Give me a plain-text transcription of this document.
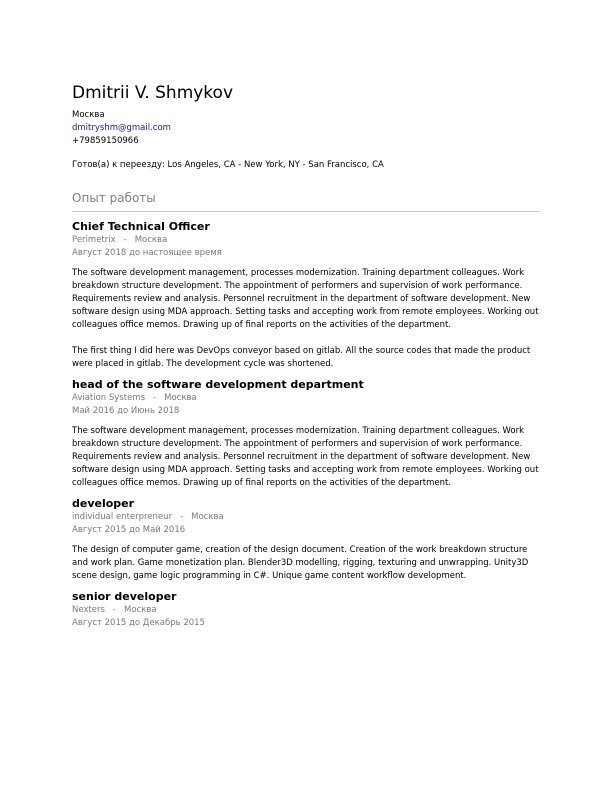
Dmitrii V. Shmykov
Москва
dmitryshm@gmail.com
+79859150966
Готов(а) к переезду: Los Angeles, CA - New York, NY - San Francisco, CA
Опыт работы
Chief Technical Officer
Perimetrix - Москва
Август 2018 до настоящее время

The software development management, processes modernization. Training department colleagues. Work breakdown structure development. The appointment of performers and supervision of work performance. Requirements review and analysis. Personnel recruitment in the department of software development. New software design using MDA approach. Setting tasks and accepting work from remote employees. Working out colleagues office memos. Drawing up of final reports on the activities of the department.

The first thing I did here was DevOps conveyor based on gitlab. All the source codes that made the product were placed in gitlab. The development cycle was shortened.

head of the software development department
Aviation Systems - Москва
Май 2016 до Июнь 2018

The software development management, processes modernization. Training department colleagues. Work breakdown structure development. The appointment of performers and supervision of work performance. Requirements review and analysis. Personnel recruitment in the department of software development. New software design using MDA approach. Setting tasks and accepting work from remote employees. Working out colleagues office memos. Drawing up of final reports on the activities of the department.

developer
individual enterpreneur - Москва
Август 2015 до Май 2016

The design of computer game, creation of the design document. Creation of the work breakdown structure and work plan. Game monetization plan. Blender3D modelling, rigging, texturing and unwrapping. Unity3D scene design, game logic programming in C#. Unique game content workflow development.

senior developer
Nexters - Москва
Август 2015 до Декабрь 2015
